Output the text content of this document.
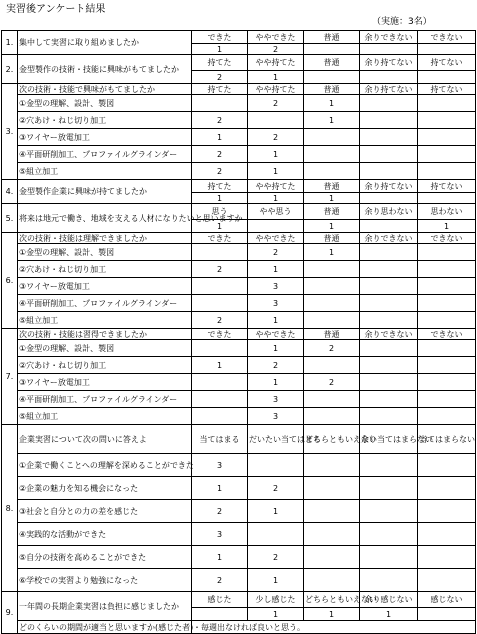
実習後アンケート結果
（実施：3名）
1.	集中して実習に取り組めましたか	できた	ややできた	普通	余りできない	できない
		1	2			
2.	金型製作の技術・技能に興味がもてましたか	持てた	やや持てた	普通	余り持てない	持てない
		2	1			
3.	次の技術・技能で興味がもてましたか	持てた	やや持てた	普通	余り持てない	持てない
	①金型の理解、設計、製図		2	1		
	②穴あけ・ねじ切り加工	2		1		
	③ワイヤー放電加工	1	2			
	④平面研削加工、プロファイルグラインダー	2	1			
	⑤組立加工	2	1			
4.	金型製作企業に興味が持てましたか	持てた	やや持てた	普通	余り持てない	持てない
		1	1	1		
5.	将来は地元で働き、地域を支える人材になりたいと思いますか	思う	やや思う	普通	余り思わない	思わない
		1		1		1
6.	次の技術・技能は理解できましたか	できた	ややできた	普通	余りできない	できない
	①金型の理解、設計、製図		2	1		
	②穴あけ・ねじ切り加工	2	1			
	③ワイヤー放電加工		3			
	④平面研削加工、プロファイルグラインダー		3			
	⑤組立加工	2	1			
7.	次の技術・技能は習得できましたか	できた	ややできた	普通	余りできない	できない
	①金型の理解、設計、製図		1	2		
	②穴あけ・ねじ切り加工	1	2			
	③ワイヤー放電加工		1	2		
	④平面研削加工、プロファイルグラインダー		3			
	⑤組立加工		3			
8.	企業実習について次の問いに答えよ	当てはまる	だいたい当てはまる	どちらともいえない	余り当てはまらない	当てはまらない
	①企業で働くことへの理解を深めることができた	3				
	②企業の魅力を知る機会になった	1	2			
	③社会と自分との力の差を感じた	2	1			
	④実践的な活動ができた	3				
	⑤自分の技術を高めることができた	1	2			
	⑥学校での実習より勉強になった	2	1			
9.	一年間の長期企業実習は負担に感じましたか	感じた	少し感じた	どちらともいえない	余り感じない	感じない
			1	1	1	
	どのくらいの期間が適当と思いますか(感じた者)	・毎週出なければ良いと思う。				
